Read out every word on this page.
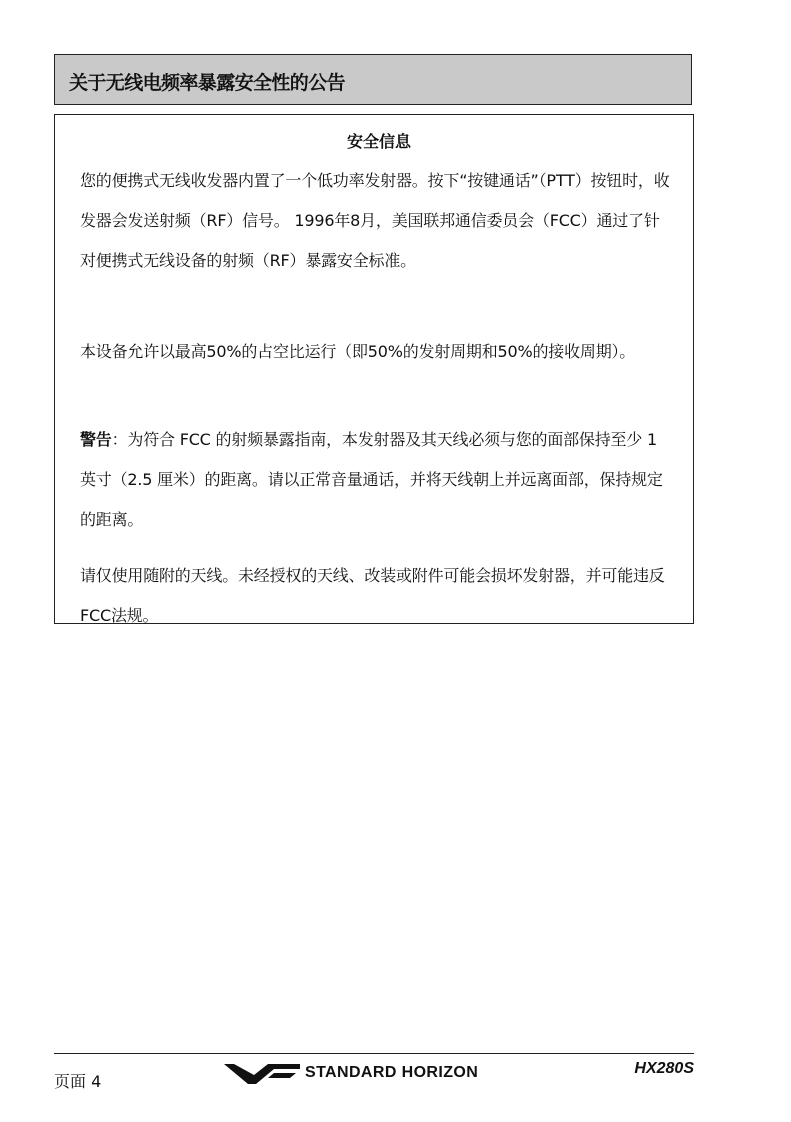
关于无线电频率暴露安全性的公告
安全信息

您的便携式无线收发器内置了一个低功率发射器。按下“按键通话”（PTT）按钮时，收发器会发送射频（RF）信号。 1996年8月，美国联邦通信委员会（FCC）通过了针对便携式无线设备的射频（RF）暴露安全标准。

本设备允许以最高50%的占空比运行（即50%的发射周期和50%的接收周期）。

警告：为符合 FCC 的射频暴露指南，本发射器及其天线必须与您的面部保持至少 1 英寸（2.5 厘米）的距离。请以正常音量通话，并将天线朝上并远离面部，保持规定的距离。

请仅使用随附的天线。未经授权的天线、改装或附件可能会损坏发射器，并可能违反FCC法规。

页面 4	STANDARD HORIZON	HX280S
